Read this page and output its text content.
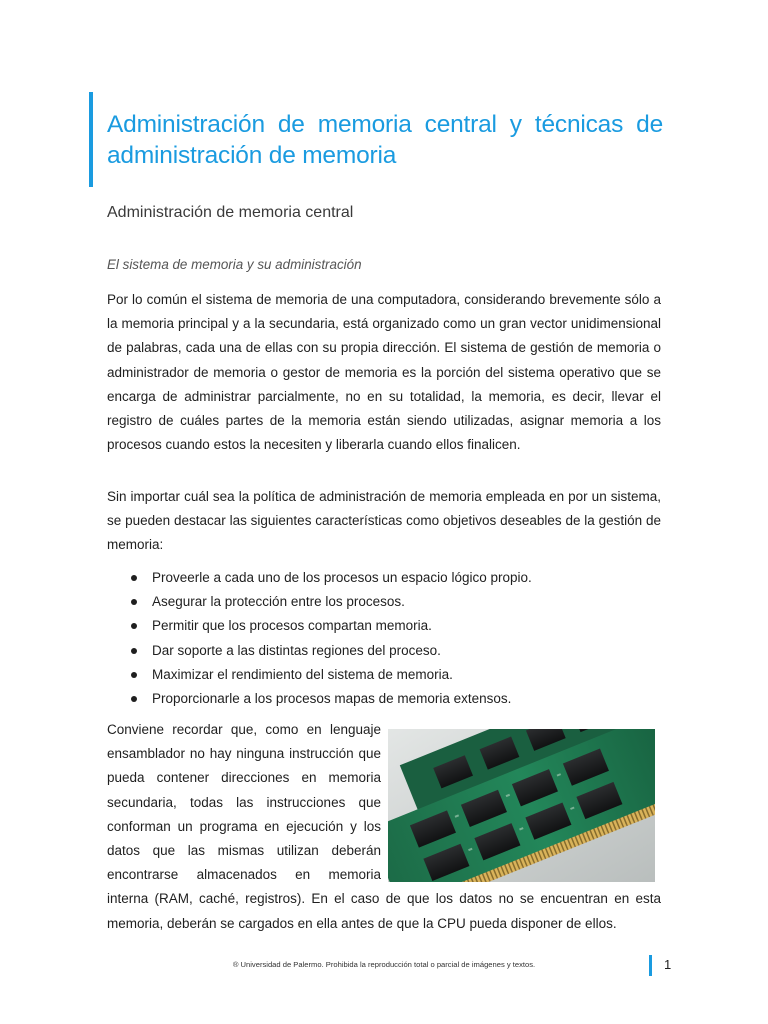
Administración de memoria central y técnicas de administración de memoria
Administración de memoria central
El sistema de memoria y su administración

Por lo común el sistema de memoria de una computadora, considerando brevemente sólo a la memoria principal y a la secundaria, está organizado como un gran vector unidimensional de palabras, cada una de ellas con su propia dirección. El sistema de gestión de memoria o administrador de memoria o gestor de memoria es la porción del sistema operativo que se encarga de administrar parcialmente, no en su totalidad, la memoria, es decir, llevar el registro de cuáles partes de la memoria están siendo utilizadas, asignar memoria a los procesos cuando estos la necesiten y liberarla cuando ellos finalicen.

Sin importar cuál sea la política de administración de memoria empleada en por un sistema, se pueden destacar las siguientes características como objetivos deseables de la gestión de memoria:

Proveerle a cada uno de los procesos un espacio lógico propio.
Asegurar la protección entre los procesos.
Permitir que los procesos compartan memoria.
Dar soporte a las distintas regiones del proceso.
Maximizar el rendimiento del sistema de memoria.
Proporcionarle a los procesos mapas de memoria extensos.

Conviene recordar que, como en lenguaje ensamblador no hay ninguna instrucción que pueda contener direcciones en memoria secundaria, todas las instrucciones que conforman un programa en ejecución y los datos que las mismas utilizan deberán encontrarse almacenados en memoria

interna (RAM, caché, registros). En el caso de que los datos no se encuentran en esta memoria, deberán se cargados en ella antes de que la CPU pueda disponer de ellos.

® Universidad de Palermo. Prohibida la reproducción total o parcial de imágenes y textos.	1
